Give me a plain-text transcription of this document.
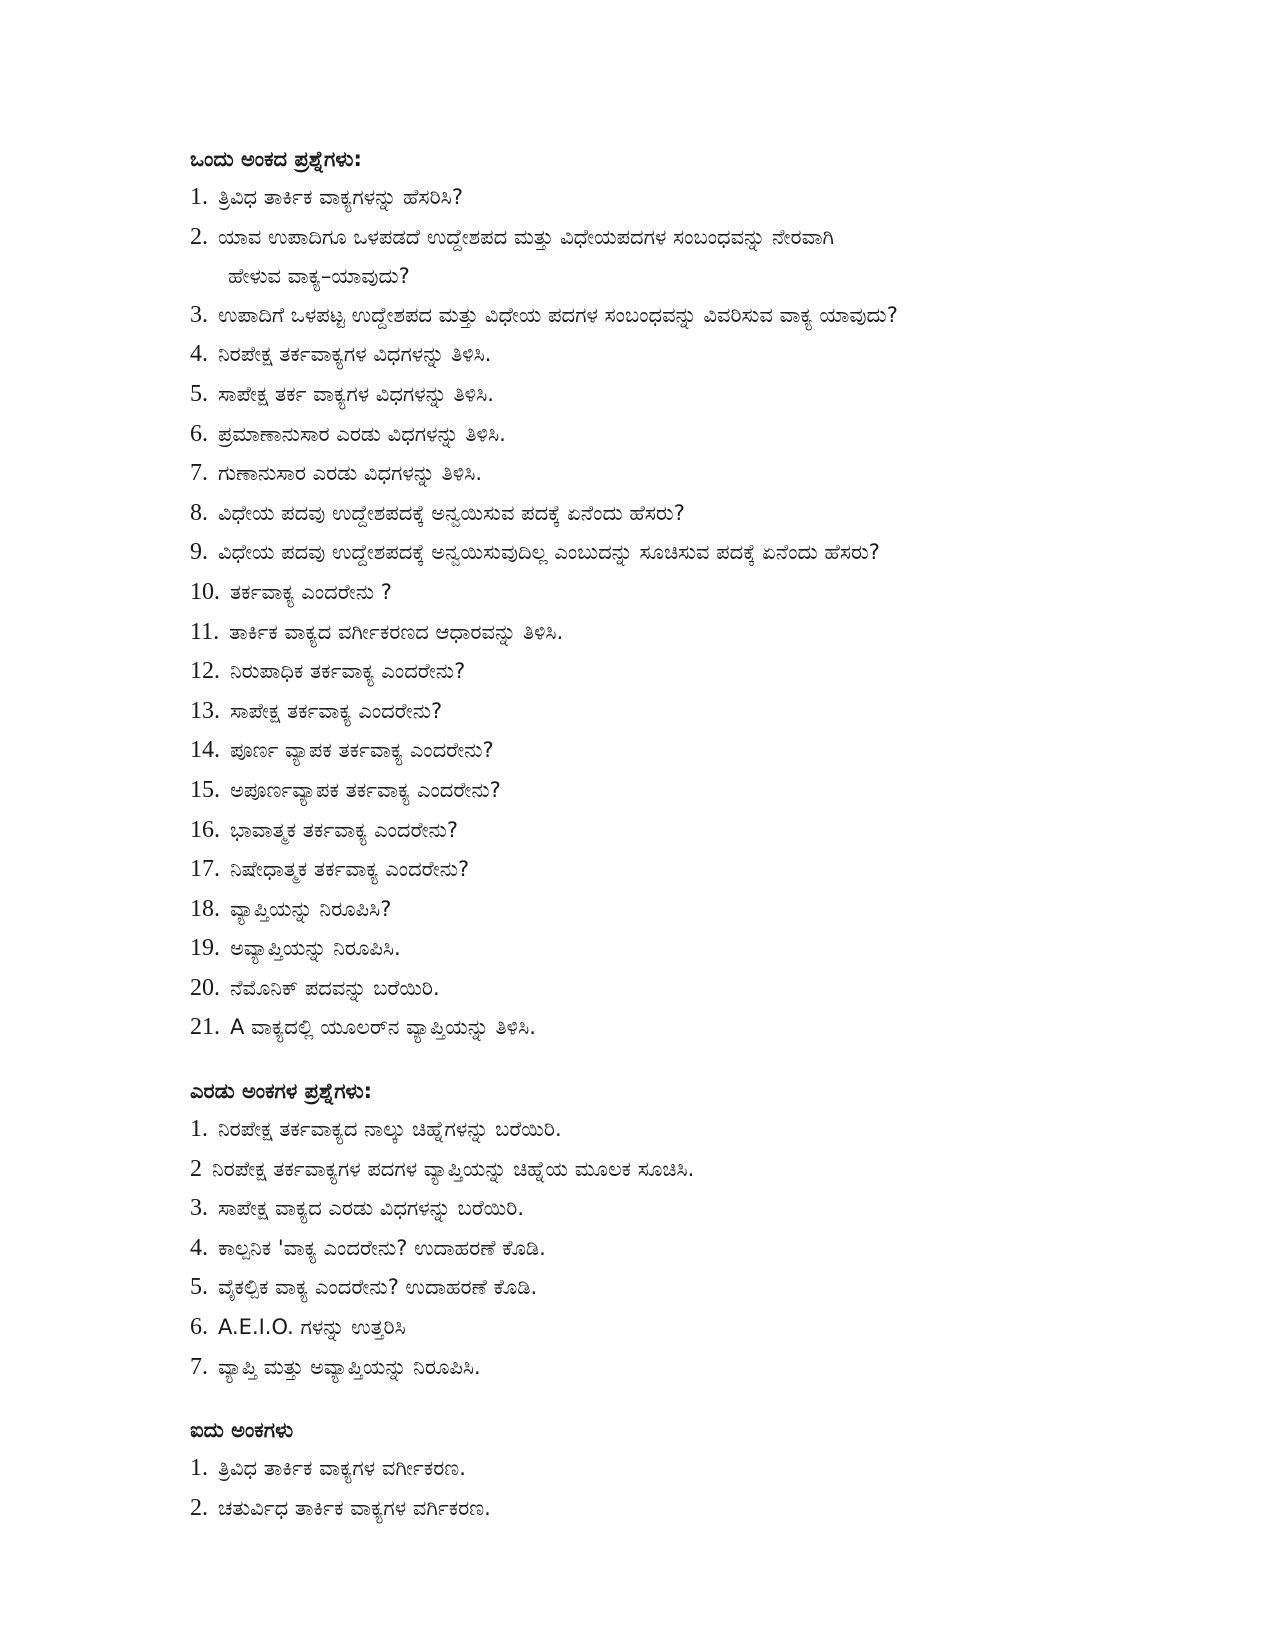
ಒಂದು ಅಂಕದ ಪ್ರಶ್ನೆಗಳು:
1. ತ್ರಿವಿಧ ತಾರ್ಕಿಕ ವಾಕ್ಯಗಳನ್ನು ಹೆಸರಿಸಿ?
2. ಯಾವ ಉಪಾದಿಗೂ ಒಳಪಡದೆ ಉದ್ದೇಶಪದ ಮತ್ತು ವಿಧೇಯಪದಗಳ ಸಂಬಂಧವನ್ನು ನೇರವಾಗಿ
ಹೇಳುವ ವಾಕ್ಯ–ಯಾವುದು?
3. ಉಪಾದಿಗೆ ಒಳಪಟ್ಟ ಉದ್ದೇಶಪದ ಮತ್ತು ವಿಧೇಯ ಪದಗಳ ಸಂಬಂಧವನ್ನು ವಿವರಿಸುವ ವಾಕ್ಯ ಯಾವುದು?
4. ನಿರಪೇಕ್ಷ ತರ್ಕವಾಕ್ಯಗಳ ವಿಧಗಳನ್ನು ತಿಳಿಸಿ.
5. ಸಾಪೇಕ್ಷ ತರ್ಕ ವಾಕ್ಯಗಳ ವಿಧಗಳನ್ನು ತಿಳಿಸಿ.
6. ಪ್ರಮಾಣಾನುಸಾರ ಎರಡು ವಿಧಗಳನ್ನು ತಿಳಿಸಿ.
7. ಗುಣಾನುಸಾರ ಎರಡು ವಿಧಗಳನ್ನು ತಿಳಿಸಿ.
8. ವಿಧೇಯ ಪದವು ಉದ್ದೇಶಪದಕ್ಕೆ ಅನ್ವಯಿಸುವ ಪದಕ್ಕೆ ಏನೆಂದು ಹೆಸರು?
9. ವಿಧೇಯ ಪದವು ಉದ್ದೇಶಪದಕ್ಕೆ ಅನ್ವಯಿಸುವುದಿಲ್ಲ ಎಂಬುದನ್ನು ಸೂಚಿಸುವ ಪದಕ್ಕೆ ಏನೆಂದು ಹೆಸರು?
10. ತರ್ಕವಾಕ್ಯ ಎಂದರೇನು ?
11. ತಾರ್ಕಿಕ ವಾಕ್ಯದ ವರ್ಗೀಕರಣದ ಆಧಾರವನ್ನು ತಿಳಿಸಿ.
12. ನಿರುಪಾಧಿಕ ತರ್ಕವಾಕ್ಯ ಎಂದರೇನು?
13. ಸಾಪೇಕ್ಷ ತರ್ಕವಾಕ್ಯ ಎಂದರೇನು?
14. ಪೂರ್ಣ ವ್ಯಾಪಕ ತರ್ಕವಾಕ್ಯ ಎಂದರೇನು?
15. ಅಪೂರ್ಣವ್ಯಾಪಕ ತರ್ಕವಾಕ್ಯ ಎಂದರೇನು?
16. ಭಾವಾತ್ಮಕ ತರ್ಕವಾಕ್ಯ ಎಂದರೇನು?
17. ನಿಷೇಧಾತ್ಮಕ ತರ್ಕವಾಕ್ಯ ಎಂದರೇನು?
18. ವ್ಯಾಪ್ತಿಯನ್ನು ನಿರೂಪಿಸಿ?
19. ಅವ್ಯಾಪ್ತಿಯನ್ನು ನಿರೂಪಿಸಿ.
20. ನೆಮೊನಿಕ್ ಪದವನ್ನು ಬರೆಯಿರಿ.
21. A ವಾಕ್ಯದಲ್ಲಿ ಯೂಲರ್‌ನ ವ್ಯಾಪ್ತಿಯನ್ನು ತಿಳಿಸಿ.
ಎರಡು ಅಂಕಗಳ ಪ್ರಶ್ನೆಗಳು:
1. ನಿರಪೇಕ್ಷ ತರ್ಕವಾಕ್ಯದ ನಾಲ್ಕು ಚಿಹ್ನೆಗಳನ್ನು ಬರೆಯಿರಿ.
2 ನಿರಪೇಕ್ಷ ತರ್ಕವಾಕ್ಯಗಳ ಪದಗಳ ವ್ಯಾಪ್ತಿಯನ್ನು ಚಿಹ್ನೆಯ ಮೂಲಕ ಸೂಚಿಸಿ.
3. ಸಾಪೇಕ್ಷ ವಾಕ್ಯದ ಎರಡು ವಿಧಗಳನ್ನು ಬರೆಯಿರಿ.
4. ಕಾಲ್ಪನಿಕ 'ವಾಕ್ಯ ಎಂದರೇನು? ಉದಾಹರಣೆ ಕೊಡಿ.
5. ವೈಕಲ್ಪಿಕ ವಾಕ್ಯ ಎಂದರೇನು? ಉದಾಹರಣೆ ಕೊಡಿ.
6. A.E.I.O. ಗಳನ್ನು ಉತ್ತರಿಸಿ
7. ವ್ಯಾಪ್ತಿ ಮತ್ತು ಅವ್ಯಾಪ್ತಿಯನ್ನು ನಿರೂಪಿಸಿ.
ಐದು ಅಂಕಗಳು
1. ತ್ರಿವಿಧ ತಾರ್ಕಿಕ ವಾಕ್ಯಗಳ ವರ್ಗೀಕರಣ.
2. ಚತುರ್ವಿಧ ತಾರ್ಕಿಕ ವಾಕ್ಯಗಳ ವರ್ಗಿಕರಣ.
